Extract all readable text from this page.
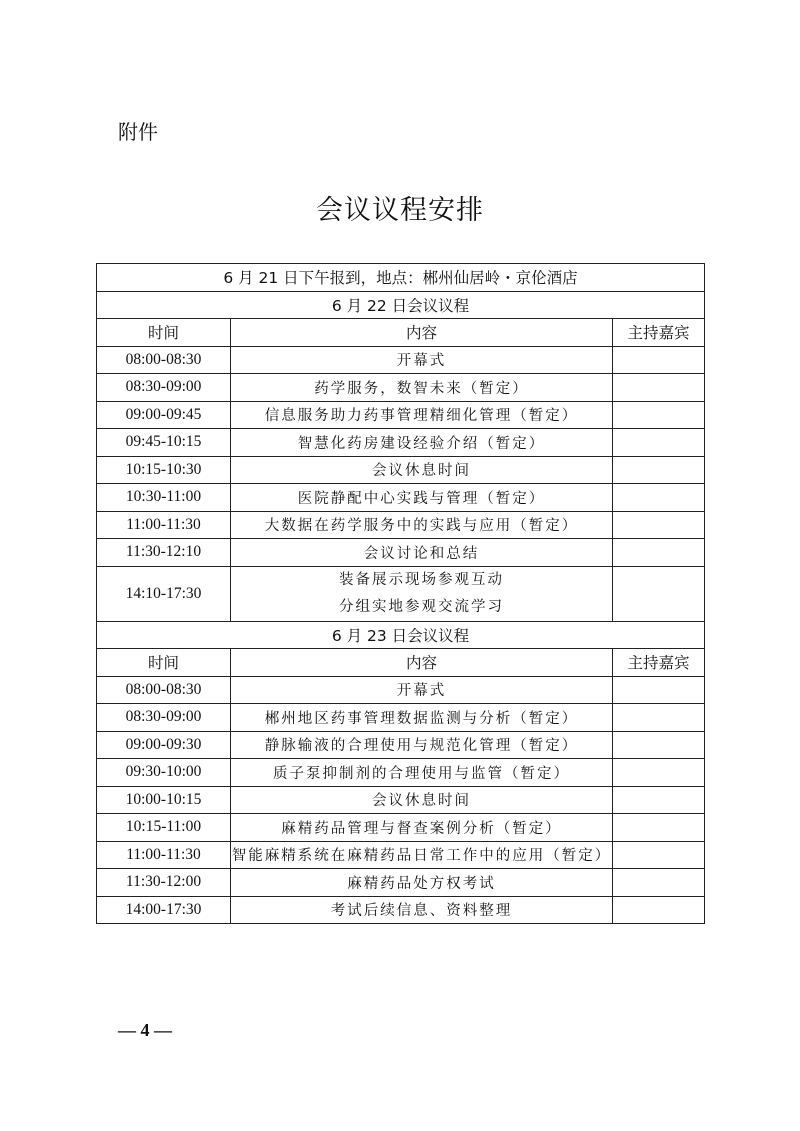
附件
会议议程安排
6 月 21 日下午报到，地点：郴州仙居岭・京伦酒店		
6 月 22 日会议议程		
时间	内容	主持嘉宾
08:00-08:30	开幕式	
08:30-09:00	药学服务，数智未来（暂定）	
09:00-09:45	信息服务助力药事管理精细化管理（暂定）	
09:45-10:15	智慧化药房建设经验介绍（暂定）	
10:15-10:30	会议休息时间	
10:30-11:00	医院静配中心实践与管理（暂定）	
11:00-11:30	大数据在药学服务中的实践与应用（暂定）	
11:30-12:10	会议讨论和总结	
14:10-17:30	装备展示现场参观互动
分组实地参观交流学习	

6 月 23 日会议议程		
时间	内容	主持嘉宾
08:00-08:30	开幕式	
08:30-09:00	郴州地区药事管理数据监测与分析（暂定）	
09:00-09:30	静脉输液的合理使用与规范化管理（暂定）	
09:30-10:00	质子泵抑制剂的合理使用与监管（暂定）	
10:00-10:15	会议休息时间	
10:15-11:00	麻精药品管理与督查案例分析（暂定）	
11:00-11:30	智能麻精系统在麻精药品日常工作中的应用（暂定）	
11:30-12:00	麻精药品处方权考试	
14:00-17:30	考试后续信息、资料整理	
— 4 —
